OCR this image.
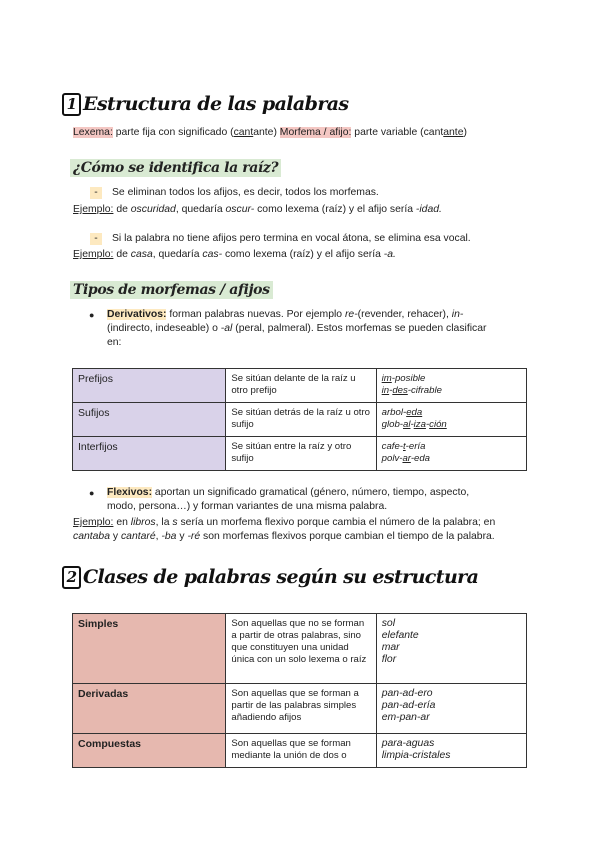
1 Estructura de las palabras
Lexema: parte fija con significado (cantante) Morfema / afijo: parte variable (cantante)
¿Cómo se identifica la raíz?
- Se eliminan todos los afijos, es decir, todos los morfemas.
Ejemplo: de oscuridad, quedaría oscur- como lexema (raíz) y el afijo sería -idad.
- Si la palabra no tiene afijos pero termina en vocal átona, se elimina esa vocal.
Ejemplo: de casa, quedaría cas- como lexema (raíz) y el afijo sería -a.
Tipos de morfemas / afijos
● Derivativos: forman palabras nuevas. Por ejemplo re-(revender, rehacer), in-
(indirecto, indeseable) o -al (peral, palmeral). Estos morfemas se pueden clasificar
en:
Prefijos	Se sitúan delante de la raíz u otro prefijo	im-posible
in-des-cifrable
Sufijos	Se sitúan detrás de la raíz u otro sufijo	arbol-eda
glob-al-iza-ción
Interfijos	Se sitúan entre la raíz y otro sufijo	cafe-t-ería
polv-ar-eda
● Flexivos: aportan un significado gramatical (género, número, tiempo, aspecto,
modo, persona…) y forman variantes de una misma palabra.
Ejemplo: en libros, la s sería un morfema flexivo porque cambia el número de la palabra; en
cantaba y cantaré, -ba y -ré son morfemas flexivos porque cambian el tiempo de la palabra.
2 Clases de palabras según su estructura
Simples	Son aquellas que no se forman a partir de otras palabras, sino que constituyen una unidad única con un solo lexema o raíz	sol
elefante
mar
flor

Derivadas	Son aquellas que se forman a partir de las palabras simples añadiendo afijos	pan-ad-ero
pan-ad-ería
em-pan-ar

Compuestas	Son aquellas que se forman mediante la unión de dos o	para-aguas
limpia-cristales
